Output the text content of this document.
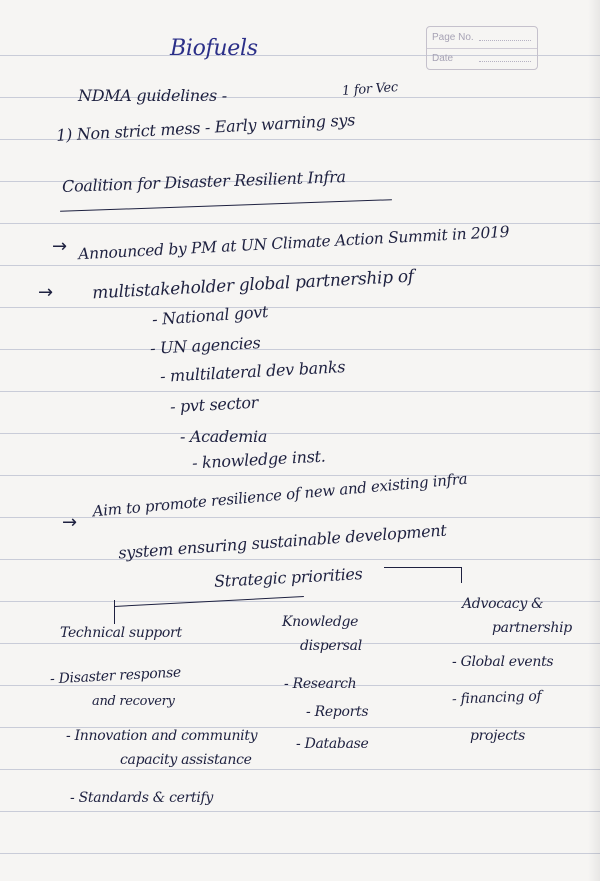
Page No.
Date
Biofuels
NDMA guidelines -	1 for Vec
1) Non strict mess - Early warning sys
Coalition for Disaster Resilient Infra
→ Announced by PM at UN Climate Action Summit in 2019
→ multistakeholder global partnership of
- National govt
- UN agencies
- multilateral dev banks
- pvt sector
- Academia
- knowledge inst.
→
Aim to promote resilience of new and existing infra
system ensuring sustainable development
Strategic priorities
Technical support
- Disaster response
and recovery
- Innovation and community
capacity assistance
- Standards & certify
Knowledge
dispersal
- Research
- Reports
- Database
Advocacy &
partnership
- Global events
- financing of
projects
